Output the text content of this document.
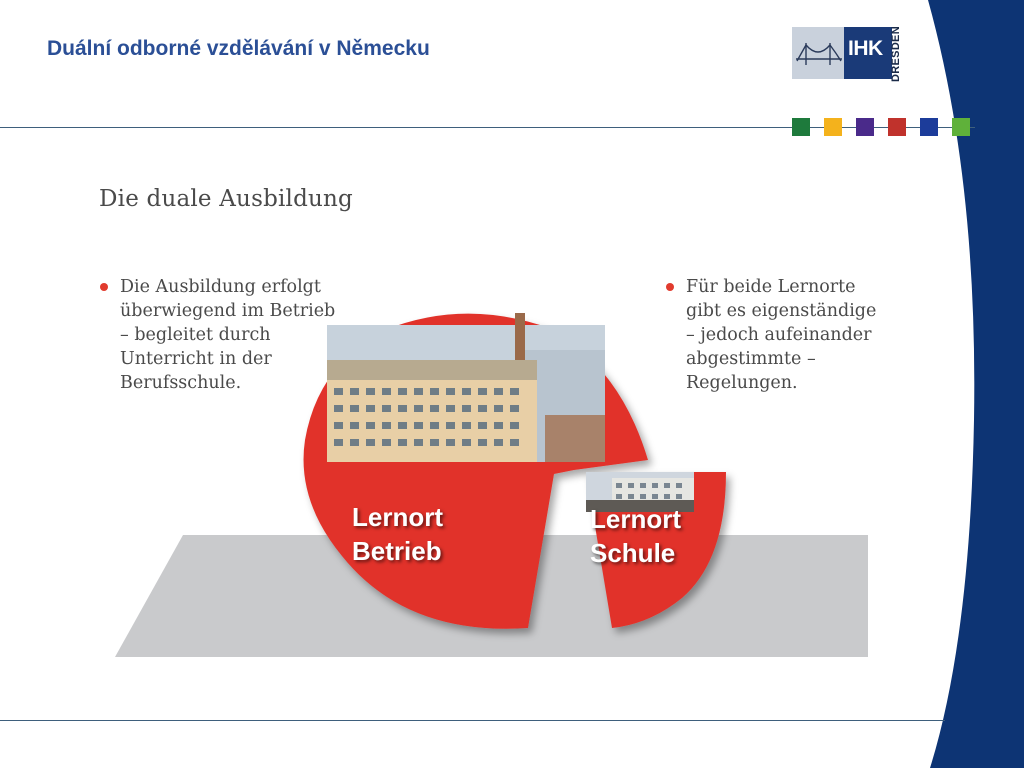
Duální odborné vzdělávání v Německu	IHK DRESDEN
Die duale Ausbildung
Die Ausbildung erfolgt
überwiegend im Betrieb
– begleitet durch
Unterricht in der
Berufsschule.
Für beide Lernorte
gibt es eigenständige
– jedoch aufeinander
abgestimmte –
Regelungen.
Lernort
Betrieb
Lernort
Schule
